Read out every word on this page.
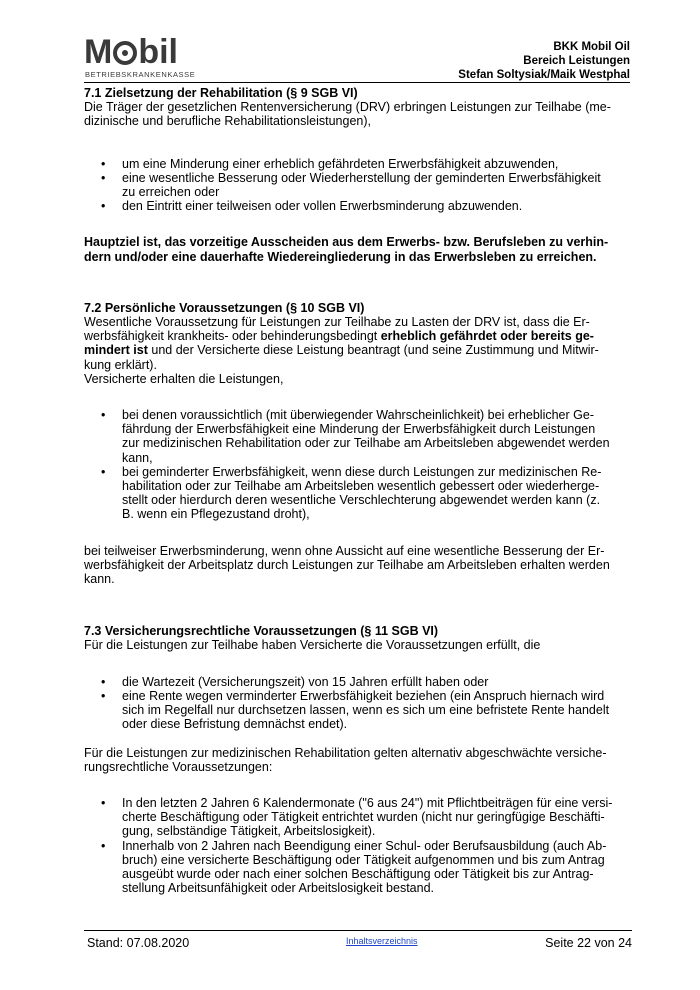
M bil
BETRIEBSKRANKENKASSE
BKK Mobil Oil
Bereich Leistungen
Stefan Soltysiak/Maik Westphal
7.1 Zielsetzung der Rehabilitation (§ 9 SGB VI)

Die Träger der gesetzlichen Rentenversicherung (DRV) erbringen Leistungen zur Teilhabe (me-
dizinische und berufliche Rehabilitationsleistungen),

• um eine Minderung einer erheblich gefährdeten Erwerbsfähigkeit abzuwenden,
• eine wesentliche Besserung oder Wiederherstellung der geminderten Erwerbsfähigkeit
zu erreichen oder
• den Eintritt einer teilweisen oder vollen Erwerbsminderung abzuwenden.

Hauptziel ist, das vorzeitige Ausscheiden aus dem Erwerbs- bzw. Berufsleben zu verhin-
dern und/oder eine dauerhafte Wiedereingliederung in das Erwerbsleben zu erreichen.

7.2 Persönliche Voraussetzungen (§ 10 SGB VI)

Wesentliche Voraussetzung für Leistungen zur Teilhabe zu Lasten der DRV ist, dass die Er-
werbsfähigkeit krankheits- oder behinderungsbedingt erheblich gefährdet oder bereits ge-
mindert ist und der Versicherte diese Leistung beantragt (und seine Zustimmung und Mitwir-
kung erklärt).
Versicherte erhalten die Leistungen,

• bei denen voraussichtlich (mit überwiegender Wahrscheinlichkeit) bei erheblicher Ge-
fährdung der Erwerbsfähigkeit eine Minderung der Erwerbsfähigkeit durch Leistungen
zur medizinischen Rehabilitation oder zur Teilhabe am Arbeitsleben abgewendet werden
kann,
• bei geminderter Erwerbsfähigkeit, wenn diese durch Leistungen zur medizinischen Re-
habilitation oder zur Teilhabe am Arbeitsleben wesentlich gebessert oder wiederherge-
stellt oder hierdurch deren wesentliche Verschlechterung abgewendet werden kann (z.
B. wenn ein Pflegezustand droht),

bei teilweiser Erwerbsminderung, wenn ohne Aussicht auf eine wesentliche Besserung der Er-
werbsfähigkeit der Arbeitsplatz durch Leistungen zur Teilhabe am Arbeitsleben erhalten werden
kann.

7.3 Versicherungsrechtliche Voraussetzungen (§ 11 SGB VI)

Für die Leistungen zur Teilhabe haben Versicherte die Voraussetzungen erfüllt, die

• die Wartezeit (Versicherungszeit) von 15 Jahren erfüllt haben oder
• eine Rente wegen verminderter Erwerbsfähigkeit beziehen (ein Anspruch hiernach wird
sich im Regelfall nur durchsetzen lassen, wenn es sich um eine befristete Rente handelt
oder diese Befristung demnächst endet).

Für die Leistungen zur medizinischen Rehabilitation gelten alternativ abgeschwächte versiche-
rungsrechtliche Voraussetzungen:

• In den letzten 2 Jahren 6 Kalendermonate ("6 aus 24") mit Pflichtbeiträgen für eine versi-
cherte Beschäftigung oder Tätigkeit entrichtet wurden (nicht nur geringfügige Beschäfti-
gung, selbständige Tätigkeit, Arbeitslosigkeit).
• Innerhalb von 2 Jahren nach Beendigung einer Schul- oder Berufsausbildung (auch Ab-
bruch) eine versicherte Beschäftigung oder Tätigkeit aufgenommen und bis zum Antrag
ausgeübt wurde oder nach einer solchen Beschäftigung oder Tätigkeit bis zur Antrag-
stellung Arbeitsunfähigkeit oder Arbeitslosigkeit bestand.
Stand: 07.08.2020	Inhaltsverzeichnis	Seite 22 von 24
